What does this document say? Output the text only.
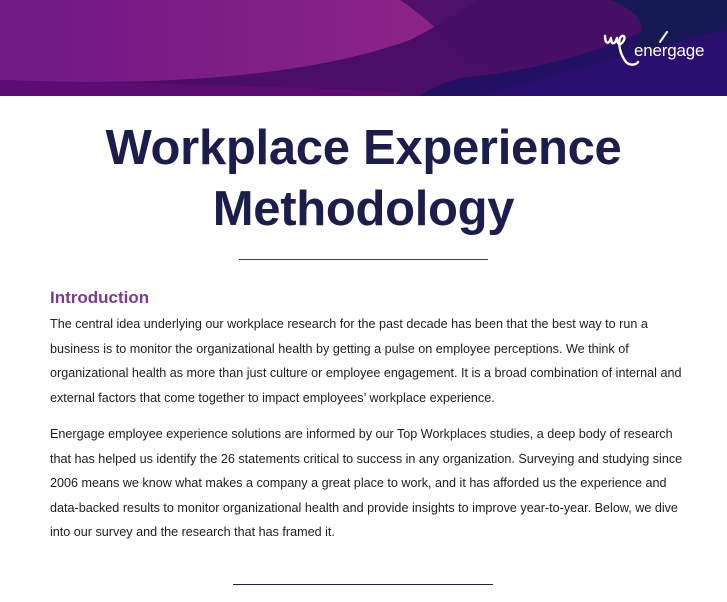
energage
Workplace Experience
Methodology
Introduction

The central idea underlying our workplace research for the past decade has been that the best way to run a business is to monitor the organizational health by getting a pulse on employee perceptions. We think of organizational health as more than just culture or employee engagement. It is a broad combination of internal and external factors that come together to impact employees’ workplace experience.

Energage employee experience solutions are informed by our Top Workplaces studies, a deep body of research that has helped us identify the 26 statements critical to success in any organization. Surveying and studying since 2006 means we know what makes a company a great place to work, and it has afforded us the experience and data-backed results to monitor organizational health and provide insights to improve year-to-year. Below, we dive into our survey and the research that has framed it.
